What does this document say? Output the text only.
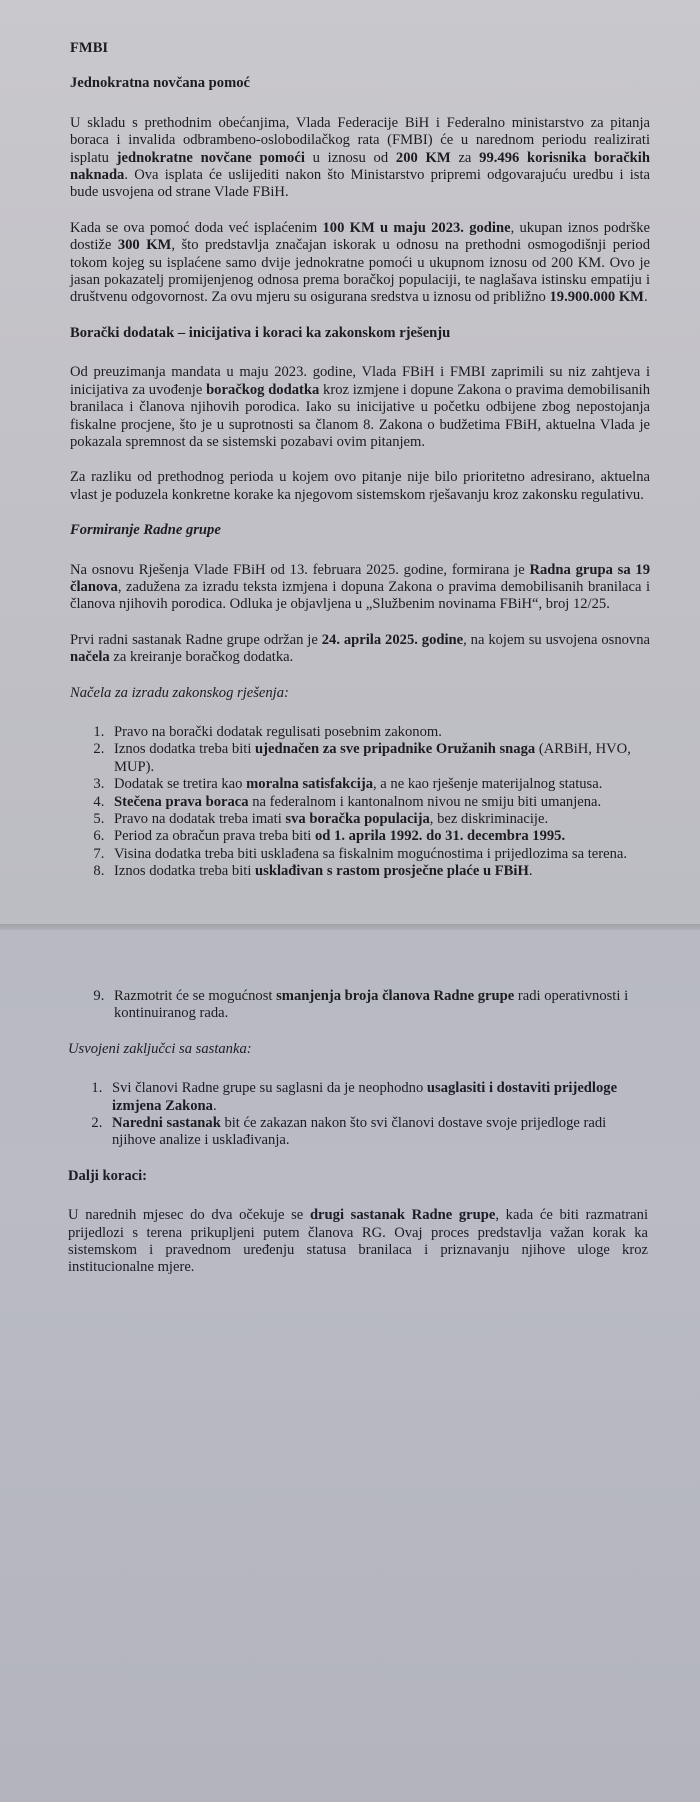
FMBI
Jednokratna novčana pomoć

U skladu s prethodnim obećanjima, Vlada Federacije BiH i Federalno ministarstvo za pitanja boraca i invalida odbrambeno-oslobodilačkog rata (FMBI) će u narednom periodu realizirati isplatu jednokratne novčane pomoći u iznosu od 200 KM za 99.496 korisnika boračkih naknada. Ova isplata će uslijediti nakon što Ministarstvo pripremi odgovarajuću uredbu i ista bude usvojena od strane Vlade FBiH.

Kada se ova pomoć doda već isplaćenim 100 KM u maju 2023. godine, ukupan iznos podrške dostiže 300 KM, što predstavlja značajan iskorak u odnosu na prethodni osmogodišnji period tokom kojeg su isplaćene samo dvije jednokratne pomoći u ukupnom iznosu od 200 KM. Ovo je jasan pokazatelj promijenjenog odnosa prema boračkoj populaciji, te naglašava istinsku empatiju i društvenu odgovornost. Za ovu mjeru su osigurana sredstva u iznosu od približno 19.900.000 KM.

Borački dodatak – inicijativa i koraci ka zakonskom rješenju

Od preuzimanja mandata u maju 2023. godine, Vlada FBiH i FMBI zaprimili su niz zahtjeva i inicijativa za uvođenje boračkog dodatka kroz izmjene i dopune Zakona o pravima demobilisanih branilaca i članova njihovih porodica. Iako su inicijative u početku odbijene zbog nepostojanja fiskalne procjene, što je u suprotnosti sa članom 8. Zakona o budžetima FBiH, aktuelna Vlada je pokazala spremnost da se sistemski pozabavi ovim pitanjem.

Za razliku od prethodnog perioda u kojem ovo pitanje nije bilo prioritetno adresirano, aktuelna vlast je poduzela konkretne korake ka njegovom sistemskom rješavanju kroz zakonsku regulativu.

Formiranje Radne grupe

Na osnovu Rješenja Vlade FBiH od 13. februara 2025. godine, formirana je Radna grupa sa 19 članova, zadužena za izradu teksta izmjena i dopuna Zakona o pravima demobilisanih branilaca i članova njihovih porodica. Odluka je objavljena u „Službenim novinama FBiH“, broj 12/25.

Prvi radni sastanak Radne grupe održan je 24. aprila 2025. godine, na kojem su usvojena osnovna načela za kreiranje boračkog dodatka.

Načela za izradu zakonskog rješenja:
1. Pravo na borački dodatak regulisati posebnim zakonom.
2. Iznos dodatka treba biti ujednačen za sve pripadnike Oružanih snaga (ARBiH, HVO, MUP).
3. Dodatak se tretira kao moralna satisfakcija, a ne kao rješenje materijalnog statusa.
4. Stečena prava boraca na federalnom i kantonalnom nivou ne smiju biti umanjena.
5. Pravo na dodatak treba imati sva boračka populacija, bez diskriminacije.
6. Period za obračun prava treba biti od 1. aprila 1992. do 31. decembra 1995.
7. Visina dodatka treba biti usklađena sa fiskalnim mogućnostima i prijedlozima sa terena.
8. Iznos dodatka treba biti usklađivan s rastom prosječne plaće u FBiH.
9. Razmotrit će se mogućnost smanjenja broja članova Radne grupe radi operativnosti i kontinuiranog rada.
Usvojeni zaključci sa sastanka:
1. Svi članovi Radne grupe su saglasni da je neophodno usaglasiti i dostaviti prijedloge izmjena Zakona.
2. Naredni sastanak bit će zakazan nakon što svi članovi dostave svoje prijedloge radi njihove analize i usklađivanja.
Dalji koraci:

U narednih mjesec do dva očekuje se drugi sastanak Radne grupe, kada će biti razmatrani prijedlozi s terena prikupljeni putem članova RG. Ovaj proces predstavlja važan korak ka sistemskom i pravednom uređenju statusa branilaca i priznavanju njihove uloge kroz institucionalne mjere.
